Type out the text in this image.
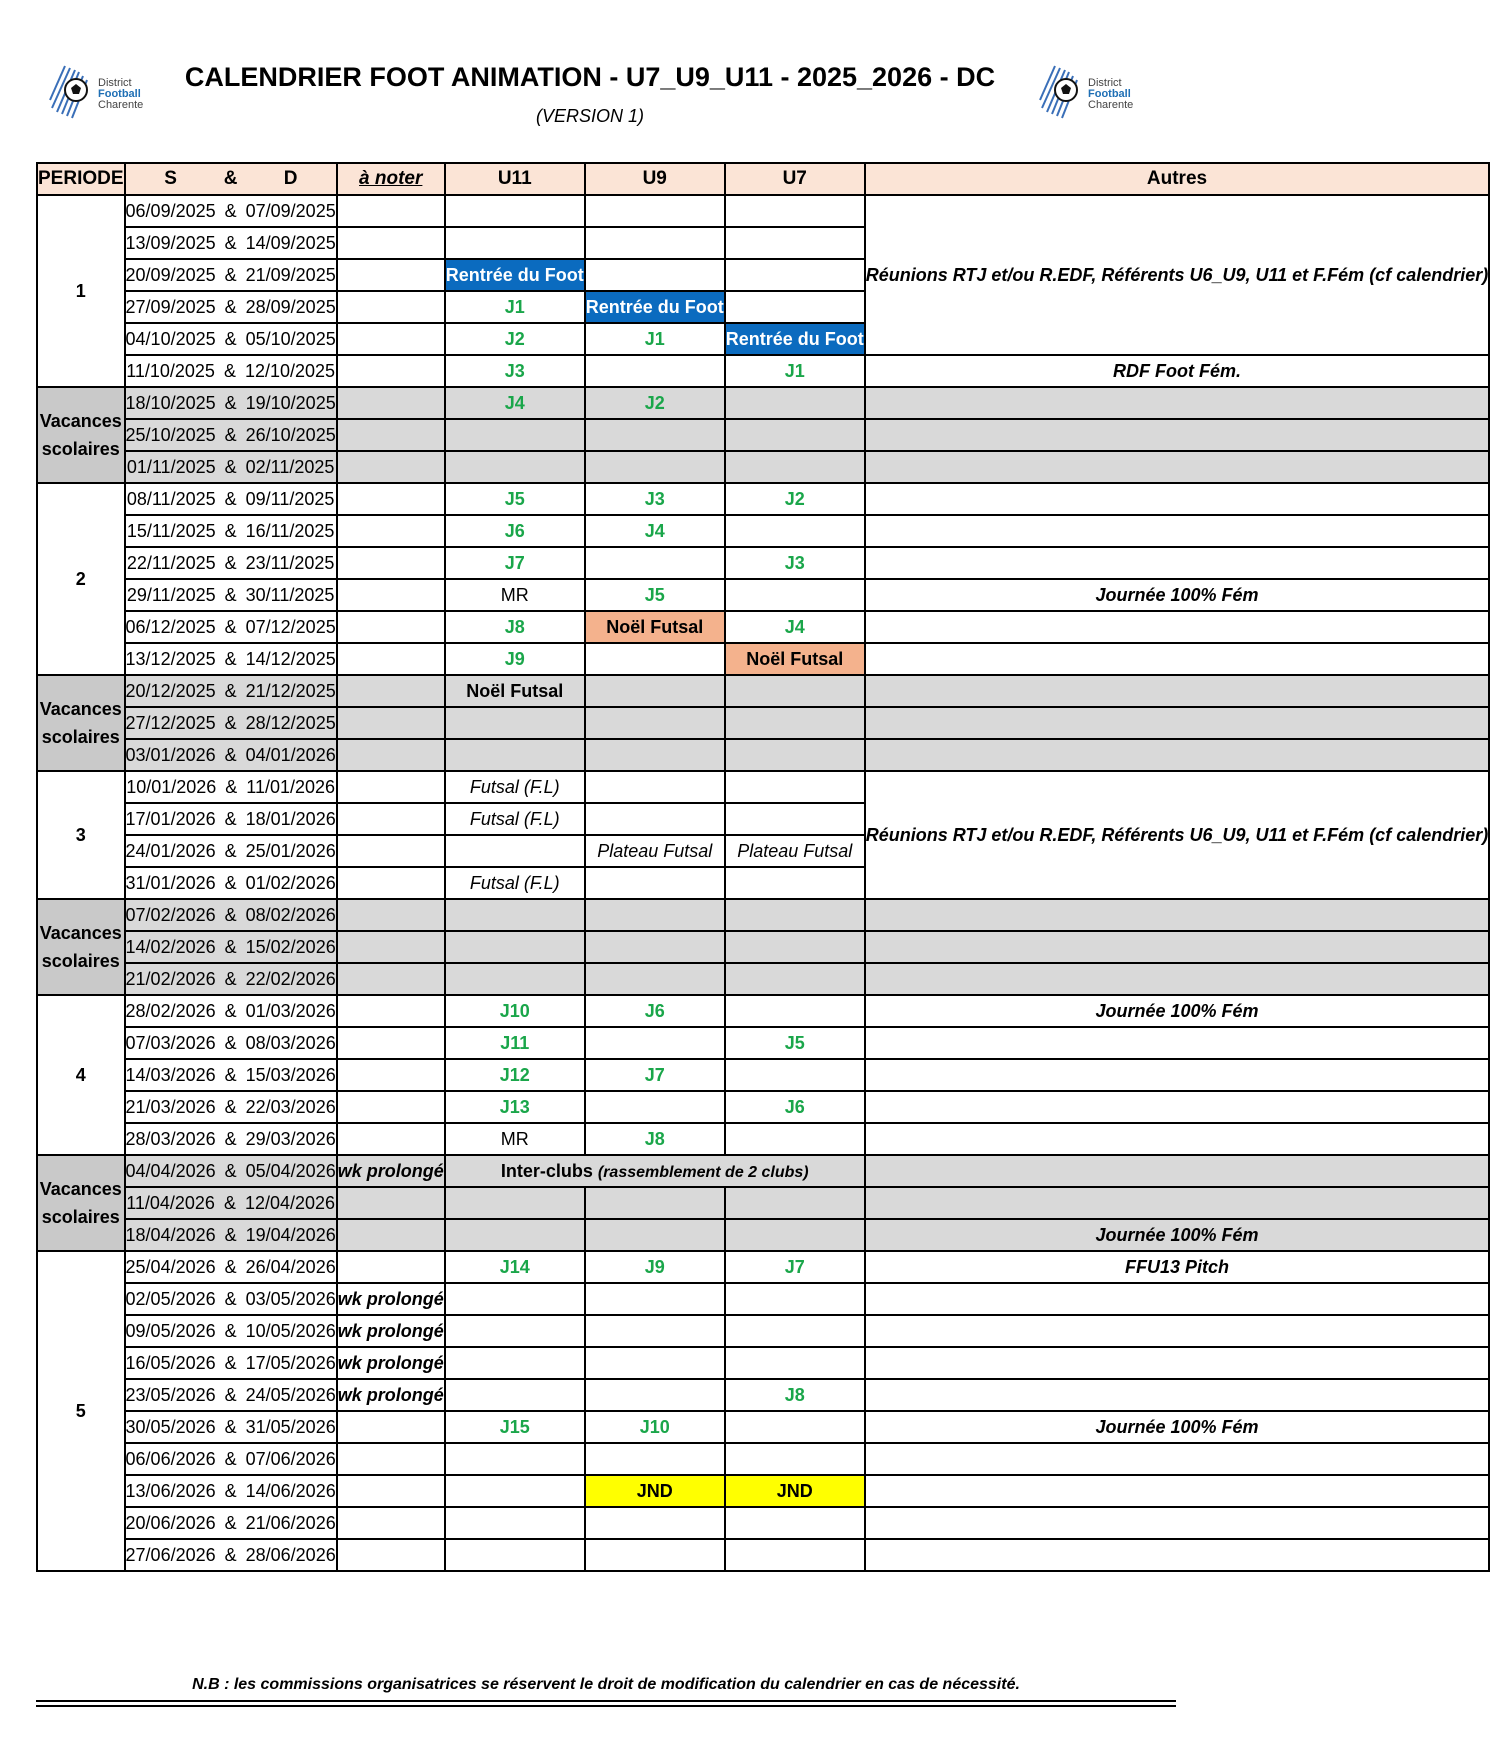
District
Football
Charente
CALENDRIER FOOT ANIMATION - U7_U9_U11 - 2025_2026 - DC
(VERSION 1)
District
Football
Charente
PERIODE	S & D	à noter	U11	U9	U7	Autres
1	06/09/2025 & 07/09/2025					Réunions RTJ et/ou R.EDF, Référents U6_U9, U11 et F.Fém (cf calendrier)
	13/09/2025 & 14/09/2025					
	20/09/2025 & 21/09/2025		Rentrée du Foot			
	27/09/2025 & 28/09/2025		J1	Rentrée du Foot		
	04/10/2025 & 05/10/2025		J2	J1	Rentrée du Foot	
	11/10/2025 & 12/10/2025		J3		J1	RDF Foot Fém.
Vacances scolaires	18/10/2025 & 19/10/2025		J4	J2		
	25/10/2025 & 26/10/2025					
	01/11/2025 & 02/11/2025					
2	08/11/2025 & 09/11/2025		J5	J3	J2	
	15/11/2025 & 16/11/2025		J6	J4		
	22/11/2025 & 23/11/2025		J7		J3	
	29/11/2025 & 30/11/2025		MR	J5		Journée 100% Fém
	06/12/2025 & 07/12/2025		J8	Noël Futsal	J4	
	13/12/2025 & 14/12/2025		J9		Noël Futsal	
Vacances scolaires	20/12/2025 & 21/12/2025		Noël Futsal			
	27/12/2025 & 28/12/2025					
	03/01/2026 & 04/01/2026					
3	10/01/2026 & 11/01/2026		Futsal (F.L)			Réunions RTJ et/ou R.EDF, Référents U6_U9, U11 et F.Fém (cf calendrier)
	17/01/2026 & 18/01/2026		Futsal (F.L)			
	24/01/2026 & 25/01/2026			Plateau Futsal	Plateau Futsal	
	31/01/2026 & 01/02/2026		Futsal (F.L)			
Vacances scolaires	07/02/2026 & 08/02/2026					
	14/02/2026 & 15/02/2026					
	21/02/2026 & 22/02/2026					
4	28/02/2026 & 01/03/2026		J10	J6		Journée 100% Fém
	07/03/2026 & 08/03/2026		J11		J5	
	14/03/2026 & 15/03/2026		J12	J7		
	21/03/2026 & 22/03/2026		J13		J6	
	28/03/2026 & 29/03/2026		MR	J8		
Vacances scolaires	04/04/2026 & 05/04/2026	wk prolongé	Inter-clubs (rassemblement de 2 clubs)			
	11/04/2026 & 12/04/2026					
	18/04/2026 & 19/04/2026					Journée 100% Fém
5	25/04/2026 & 26/04/2026		J14	J9	J7	FFU13 Pitch
	02/05/2026 & 03/05/2026	wk prolongé				
	09/05/2026 & 10/05/2026	wk prolongé				
	16/05/2026 & 17/05/2026	wk prolongé				
	23/05/2026 & 24/05/2026	wk prolongé			J8	
	30/05/2026 & 31/05/2026		J15	J10		Journée 100% Fém
	06/06/2026 & 07/06/2026					
	13/06/2026 & 14/06/2026			JND	JND	
	20/06/2026 & 21/06/2026					
	27/06/2026 & 28/06/2026					
N.B : les commissions organisatrices se réservent le droit de modification du calendrier en cas de nécessité.
